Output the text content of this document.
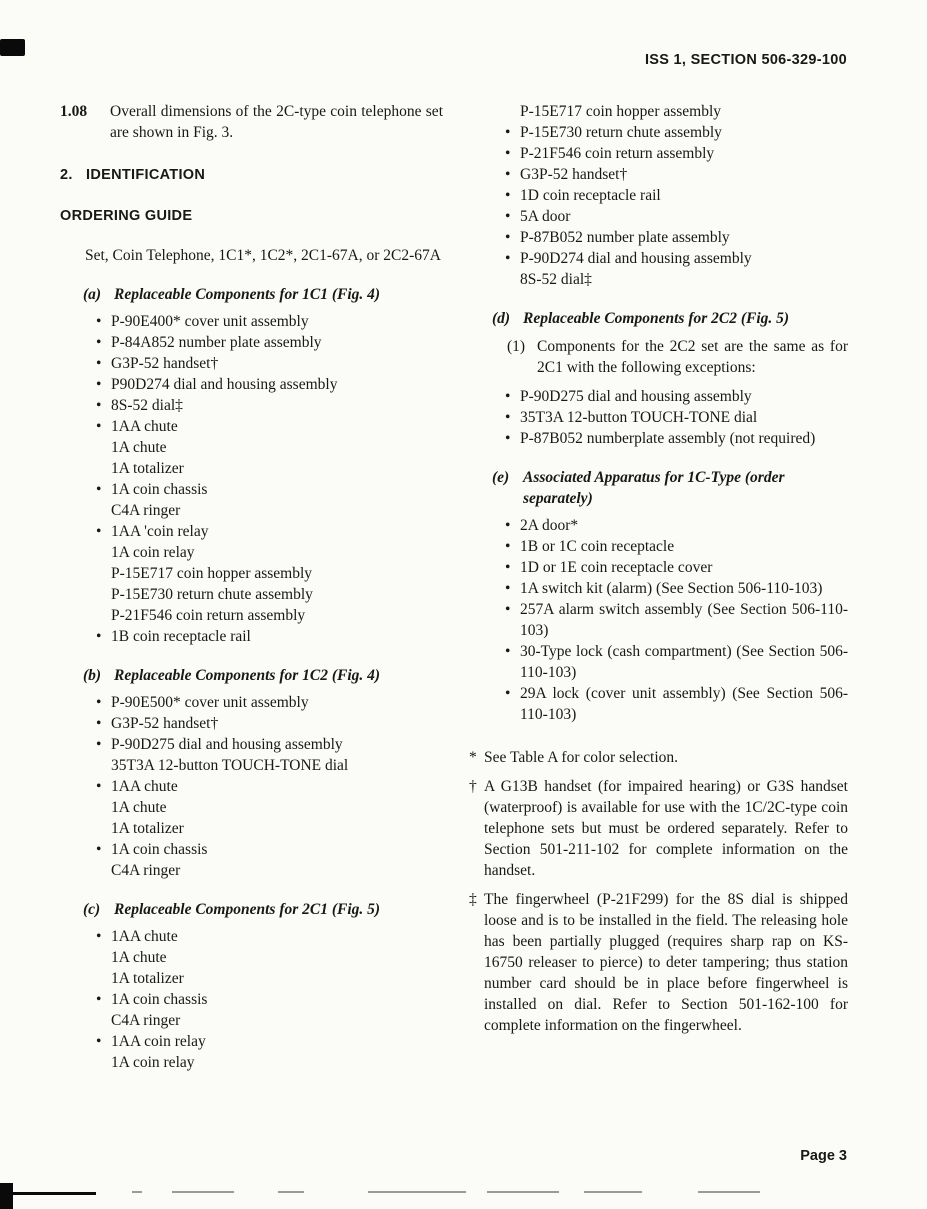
ISS 1, SECTION 506-329-100
1.08	Overall dimensions of the 2C-type coin telephone set are shown in Fig. 3.
2. IDENTIFICATION
ORDERING GUIDE

Set, Coin Telephone, 1C1*, 1C2*, 2C1-67A, or 2C2-67A

(a) Replaceable Components for 1C1 (Fig. 4)
• P-90E400* cover unit assembly
• P-84A852 number plate assembly
• G3P-52 handset†
• P90D274 dial and housing assembly
• 8S-52 dial‡
• 1AA chute
1A chute
1A totalizer
• 1A coin chassis
C4A ringer
• 1AA 'coin relay
1A coin relay
P-15E717 coin hopper assembly
P-15E730 return chute assembly
P-21F546 coin return assembly
• 1B coin receptacle rail
(b) Replaceable Components for 1C2 (Fig. 4)
• P-90E500* cover unit assembly
• G3P-52 handset†
• P-90D275 dial and housing assembly
35T3A 12-button TOUCH-TONE dial
• 1AA chute
1A chute
1A totalizer
• 1A coin chassis
C4A ringer
(c) Replaceable Components for 2C1 (Fig. 5)
• 1AA chute
1A chute
1A totalizer
• 1A coin chassis
C4A ringer
• 1AA coin relay
1A coin relay
P-15E717 coin hopper assembly
• P-15E730 return chute assembly
• P-21F546 coin return assembly
• G3P-52 handset†
• 1D coin receptacle rail
• 5A door
• P-87B052 number plate assembly
• P-90D274 dial and housing assembly
8S-52 dial‡
(d) Replaceable Components for 2C2 (Fig. 5)
(1) Components for the 2C2 set are the same as for 2C1 with the following exceptions:
• P-90D275 dial and housing assembly
• 35T3A 12-button TOUCH-TONE dial
• P-87B052 numberplate assembly (not required)
(e) Associated Apparatus for 1C-Type (order separately)
• 2A door*
• 1B or 1C coin receptacle
• 1D or 1E coin receptacle cover
• 1A switch kit (alarm) (See Section 506-110-103)
• 257A alarm switch assembly (See Section 506-110-103)
• 30-Type lock (cash compartment) (See Section 506-110-103)
• 29A lock (cover unit assembly) (See Section 506-110-103)
* See Table A for color selection.
† A G13B handset (for impaired hearing) or G3S handset (waterproof) is available for use with the 1C/2C-type coin telephone sets but must be ordered separately. Refer to Section 501-211-102 for complete information on the handset.
‡ The fingerwheel (P-21F299) for the 8S dial is shipped loose and is to be installed in the field. The releasing hole has been partially plugged (requires sharp rap on KS-16750 releaser to pierce) to deter tampering; thus station number card should be in place before fingerwheel is installed on dial. Refer to Section 501-162-100 for complete information on the fingerwheel.
Page 3
